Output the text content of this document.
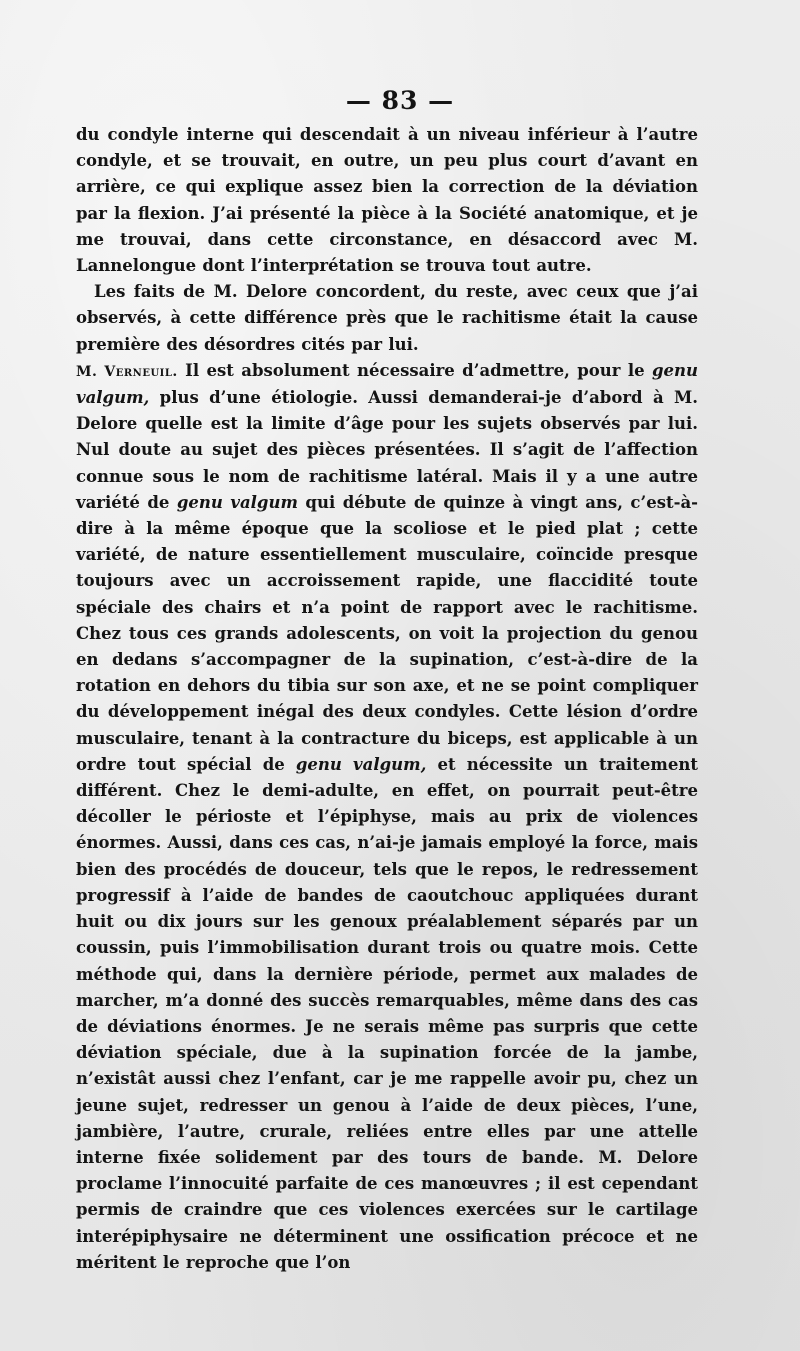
— 83 —

du condyle interne qui descendait à un niveau inférieur à l’autre condyle, et se trouvait, en outre, un peu plus court d’avant en arrière, ce qui explique assez bien la correction de la déviation par la flexion. J’ai présenté la pièce à la Société anatomique, et je me trouvai, dans cette circonstance, en désaccord avec M. Lannelongue dont l’interprétation se trouva tout autre.

Les faits de M. Delore concordent, du reste, avec ceux que j’ai observés, à cette différence près que le rachitisme était la cause première des désordres cités par lui.

M. Verneuil. Il est absolument nécessaire d’admettre, pour le genu valgum, plus d’une étiologie. Aussi demanderai-je d’abord à M. Delore quelle est la limite d’âge pour les sujets observés par lui. Nul doute au sujet des pièces présentées. Il s’agit de l’affection connue sous le nom de rachitisme latéral. Mais il y a une autre variété de genu valgum qui débute de quinze à vingt ans, c’est-à-dire à la même époque que la scoliose et le pied plat ; cette variété, de nature essentiellement musculaire, coïncide presque toujours avec un accroissement rapide, une flaccidité toute spéciale des chairs et n’a point de rapport avec le rachitisme. Chez tous ces grands adolescents, on voit la projection du genou en dedans s’accompagner de la supination, c’est-à-dire de la rotation en dehors du tibia sur son axe, et ne se point compliquer du développement inégal des deux condyles. Cette lésion d’ordre musculaire, tenant à la contracture du biceps, est applicable à un ordre tout spécial de genu valgum, et nécessite un traitement différent. Chez le demi-adulte, en effet, on pourrait peut-être décoller le périoste et l’épiphyse, mais au prix de violences énormes. Aussi, dans ces cas, n’ai-je jamais employé la force, mais bien des procédés de douceur, tels que le repos, le redressement progressif à l’aide de bandes de caoutchouc appliquées durant huit ou dix jours sur les genoux préalablement séparés par un coussin, puis l’immobilisation durant trois ou quatre mois. Cette méthode qui, dans la dernière période, permet aux malades de marcher, m’a donné des succès remarquables, même dans des cas de déviations énormes. Je ne serais même pas surpris que cette déviation spéciale, due à la supination forcée de la jambe, n’existât aussi chez l’enfant, car je me rappelle avoir pu, chez un jeune sujet, redresser un genou à l’aide de deux pièces, l’une, jambière, l’autre, crurale, reliées entre elles par une attelle interne fixée solidement par des tours de bande. M. Delore proclame l’innocuité parfaite de ces manœuvres ; il est cependant permis de craindre que ces violences exercées sur le cartilage interépiphysaire ne déterminent une ossification précoce et ne méritent le reproche que l’on
